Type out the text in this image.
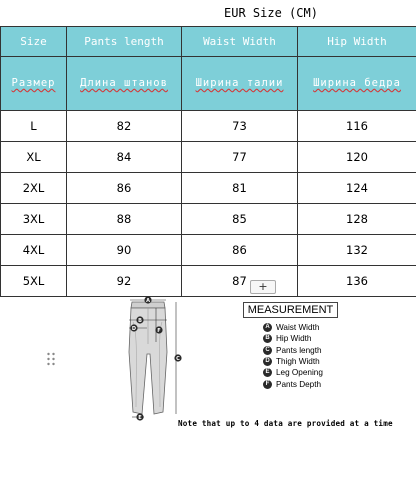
EUR Size (CM)
Size	Pants length	Waist Width	Hip Width
Размер	Длина штанов	Ширина талии	Ширина бедра
L	82	73	116
XL	84	77	120
2XL	86	81	124
3XL	88	85	128
4XL	90	86	132
5XL	92	87	136
+
A
B
C
D
E
F
MEASUREMENT
A Waist Width
B Hip Width
C Pants length
D Thigh Width
E Leg Opening
F Pants Depth
Note that up to 4 data are provided at a time
